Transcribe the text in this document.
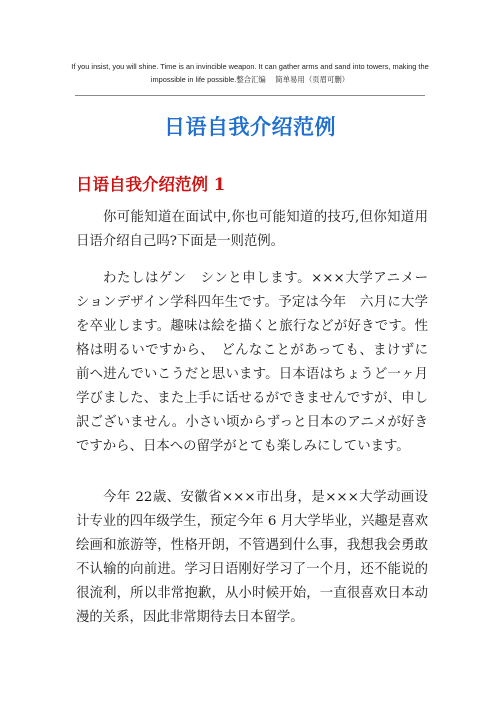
If you insist, you will shine. Time is an invincible weapon. It can gather arms and sand into towers, making the
impossible in life possible.整合汇编　 简单易用（页眉可删）
日语自我介绍范例
日语自我介绍范例 1

你可能知道在面试中,你也可能知道的技巧,但你知道用日语介绍自己吗?下面是一则范例。

わたしはゲン　シンと申します。×××大学アニメーションデザイン学科四年生です。予定は今年　六月に大学を卒业します。趣味は絵を描くと旅行などが好きです。性格は明るいですから、　どんなことがあっても、まけずに前へ进んでいこうだと思います。日本语はちょうど一ヶ月学びました、また上手に话せるができませんですが、申し訳ございません。小さい顷からずっと日本のアニメが好きですから、日本への留学がとても楽しみにしています。

今年 22歳、安徽省×××市出身，是×××大学动画设计专业的四年级学生，预定今年 6 月大学毕业，兴趣是喜欢绘画和旅游等，性格开朗，不管遇到什么事，我想我会勇敢不认输的向前进。学习日语刚好学习了一个月，还不能说的很流利，所以非常抱歉，从小时候开始，一直很喜欢日本动漫的关系，因此非常期待去日本留学。
